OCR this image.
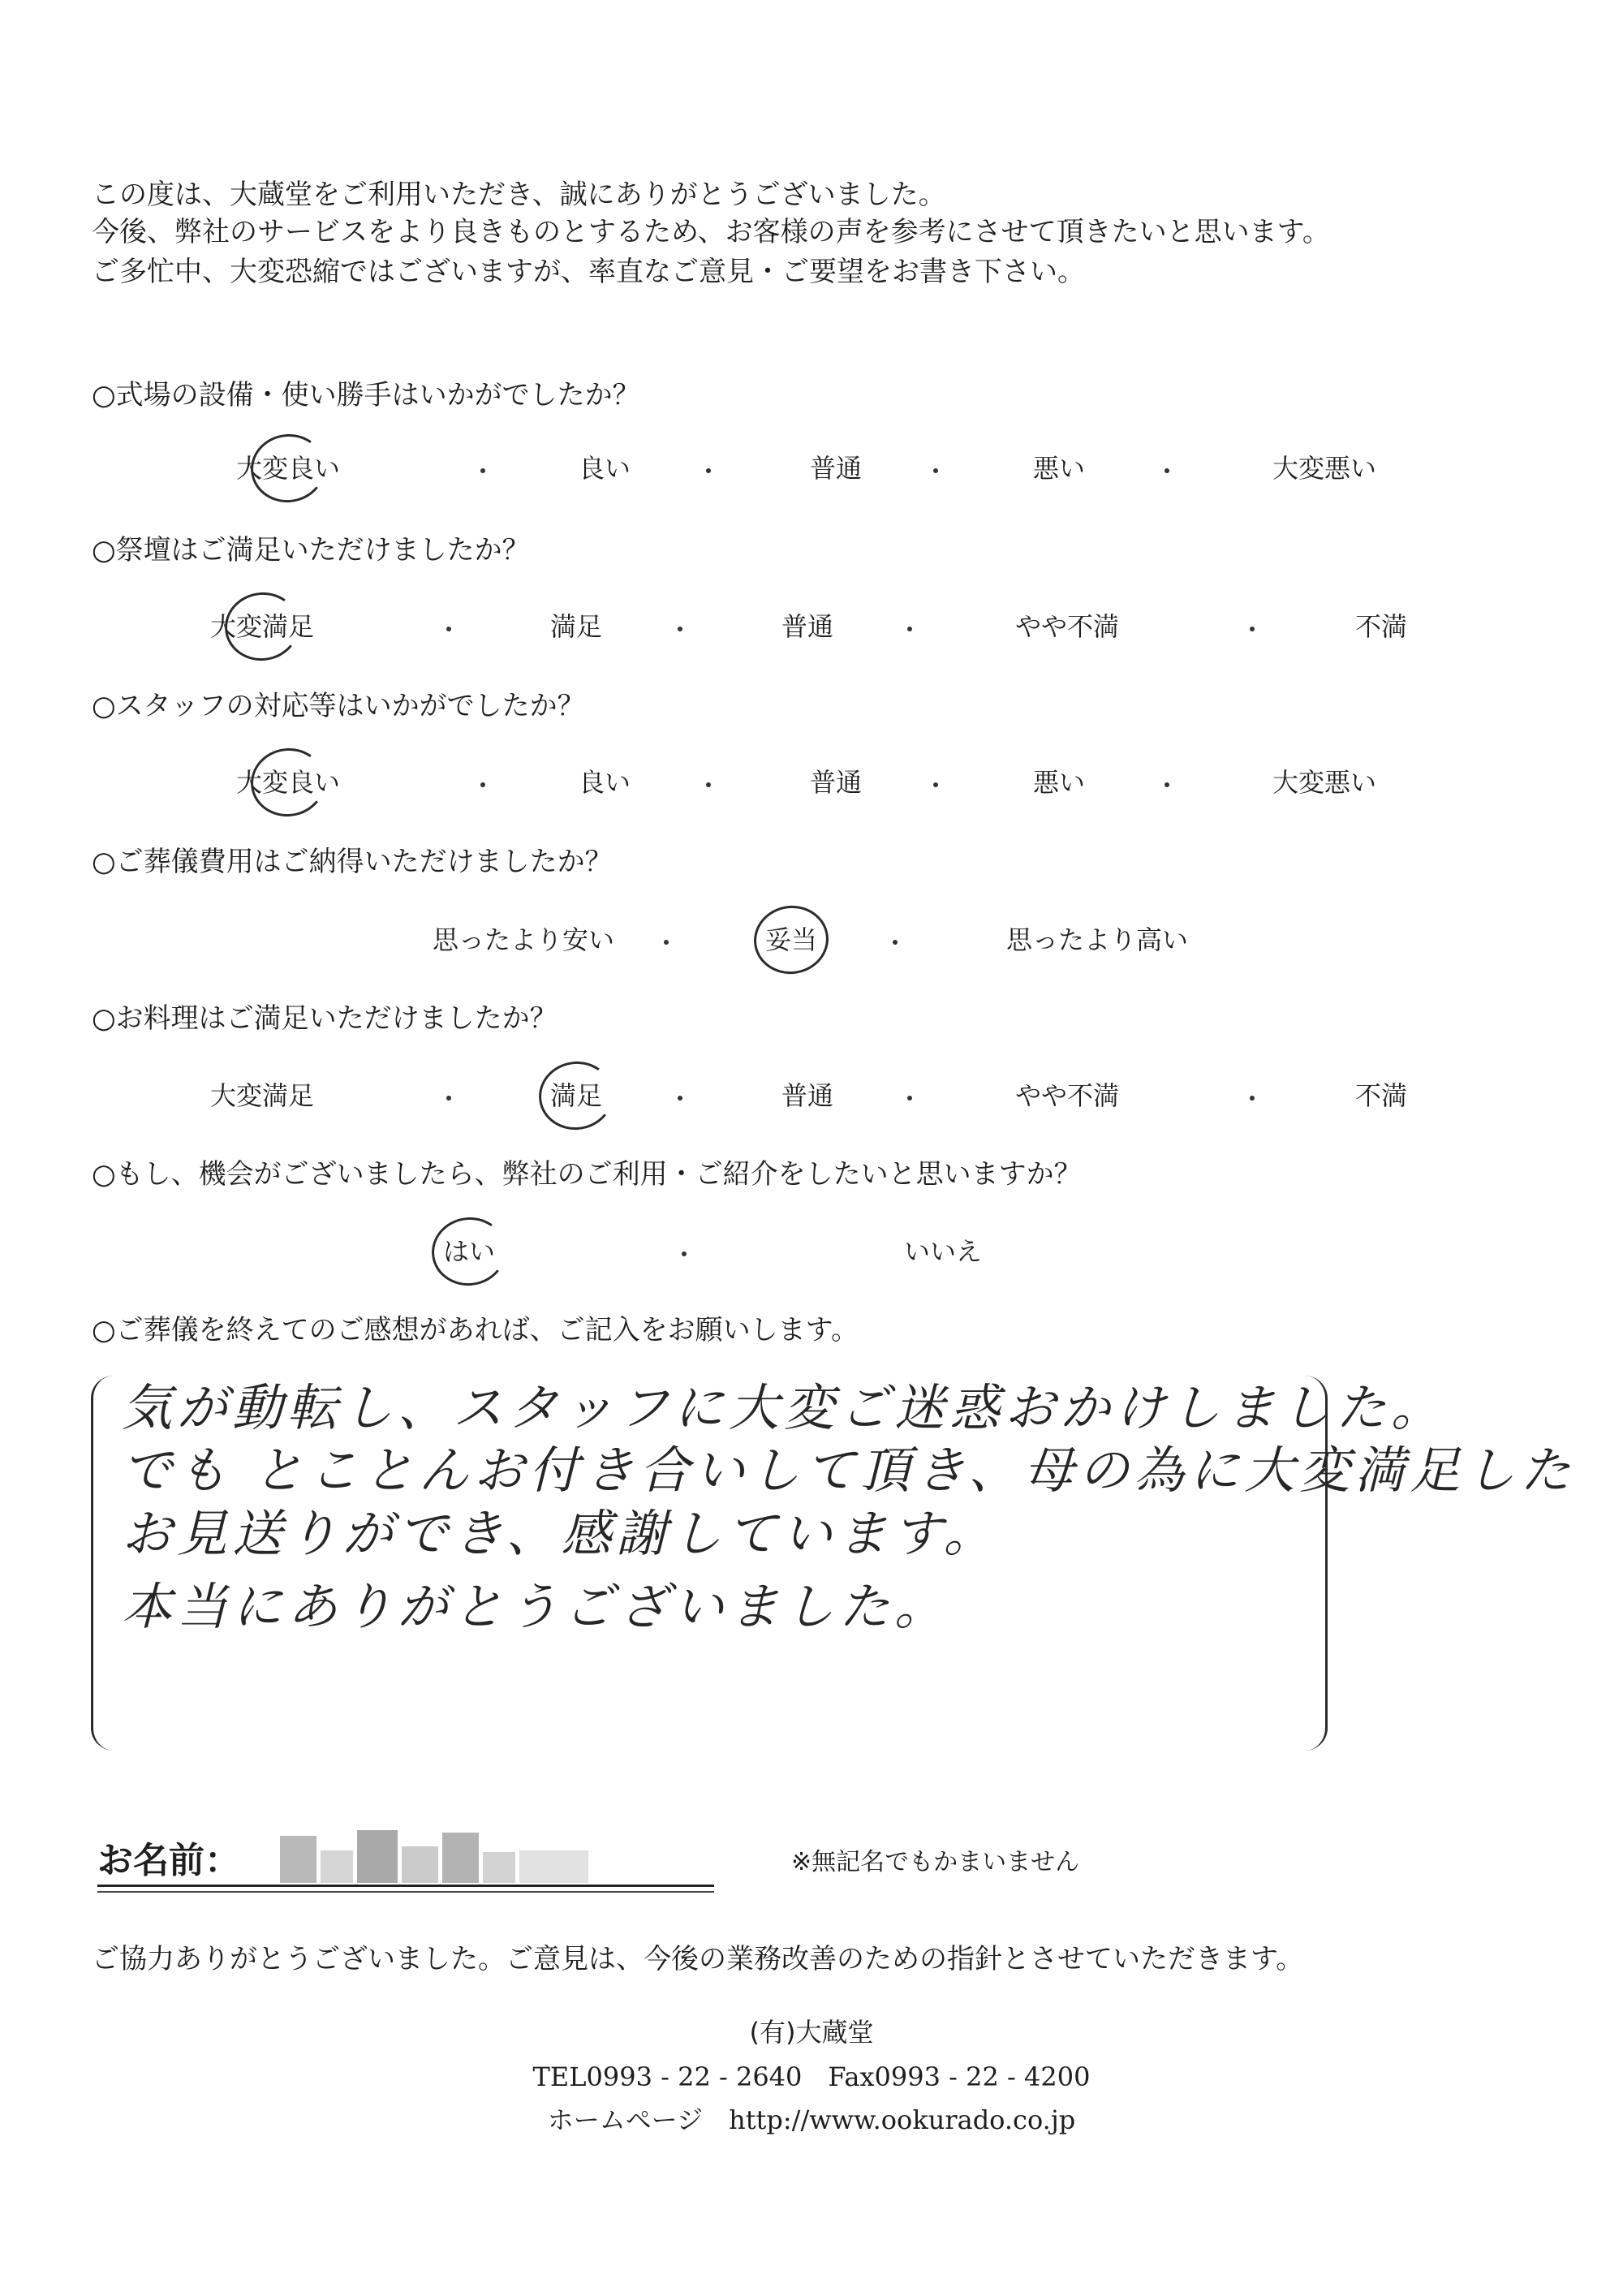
この度は、大蔵堂をご利用いただき、誠にありがとうございました。
今後、弊社のサービスをより良きものとするため、お客様の声を参考にさせて頂きたいと思います。
ご多忙中、大変恐縮ではございますが、率直なご意見・ご要望をお書き下さい。
○式場の設備・使い勝手はいかがでしたか？
大変良い	良い	普通	悪い	大変悪い
○祭壇はご満足いただけましたか？
大変満足	満足	普通	やや不満	不満
○スタッフの対応等はいかがでしたか？
大変良い	良い	普通	悪い	大変悪い
○ご葬儀費用はご納得いただけましたか？
思ったより安い	妥当	思ったより高い
○お料理はご満足いただけましたか？
大変満足	満足	普通	やや不満	不満
○もし、機会がございましたら、弊社のご利用・ご紹介をしたいと思いますか？
はい	いいえ
○ご葬儀を終えてのご感想があれば、ご記入をお願いします。
気が動転し、スタッフに大変ご迷惑おかけしました。
でも とことんお付き合いして頂き、母の為に大変満足した
お見送りができ、感謝しています。
本当にありがとうございました。
お名前：	※無記名でもかまいません
ご協力ありがとうございました。ご意見は、今後の業務改善のための指針とさせていただきます。
(有)大蔵堂
TEL0993 - 22 - 2640　Fax0993 - 22 - 4200
ホームページ　http://www.ookurado.co.jp
